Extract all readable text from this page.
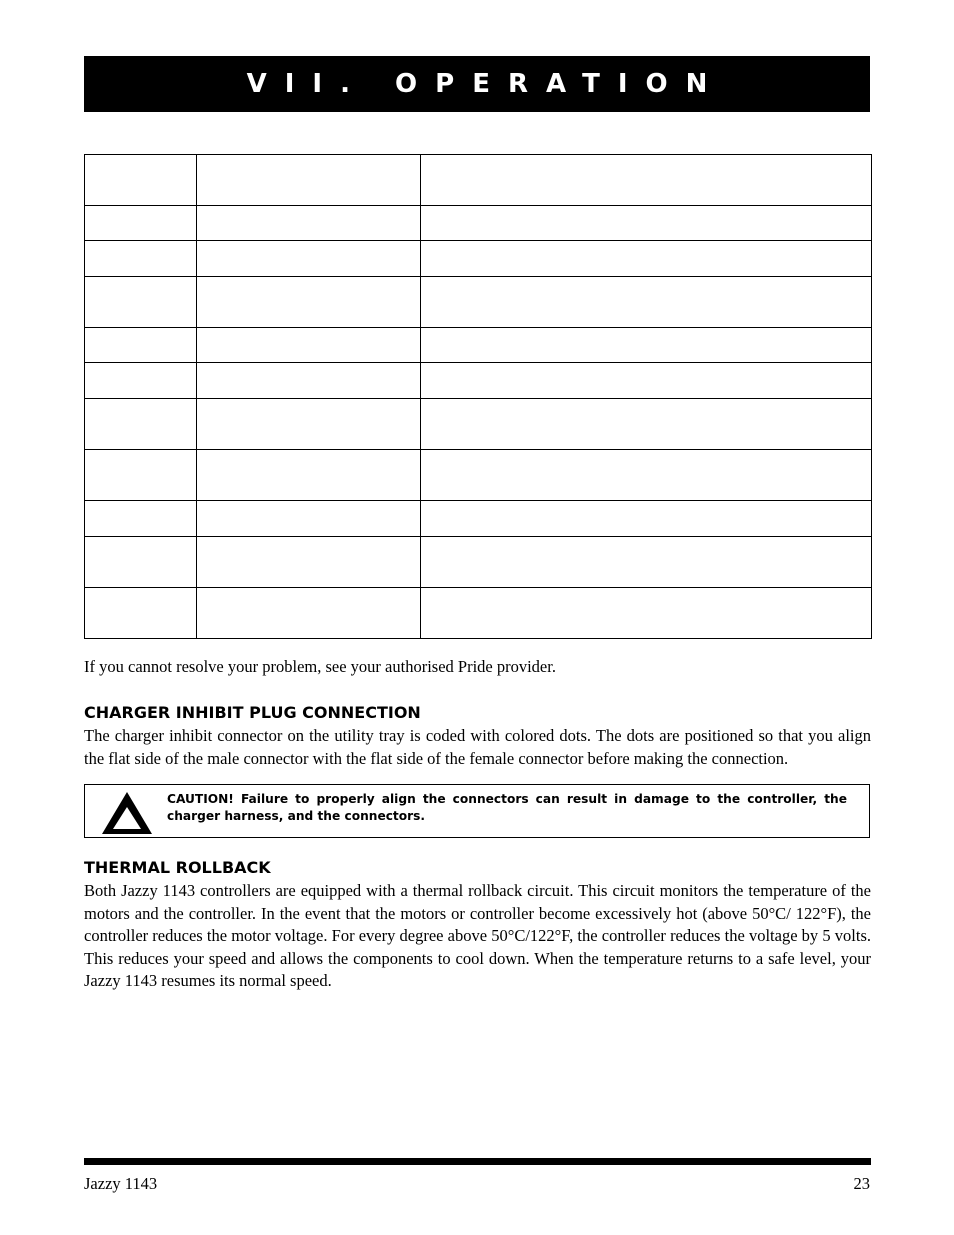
VII. OPERATION

If you cannot resolve your problem, see your authorised Pride provider.
CHARGER INHIBIT PLUG CONNECTION

The charger inhibit connector on the utility tray is coded with colored dots. The dots are positioned so that you align the flat side of the male connector with the flat side of the female connector before making the connection.

CAUTION! Failure to properly align the connectors can result in damage to the controller, the charger harness, and the connectors.
THERMAL ROLLBACK

Both Jazzy 1143 controllers are equipped with a thermal rollback circuit. This circuit monitors the temperature of the motors and the controller. In the event that the motors or controller become excessively hot (above 50°C/ 122°F), the controller reduces the motor voltage. For every degree above 50°C/122°F, the controller reduces the voltage by 5 volts. This reduces your speed and allows the components to cool down. When the temperature returns to a safe level, your Jazzy 1143 resumes its normal speed.

Jazzy 1143	23
